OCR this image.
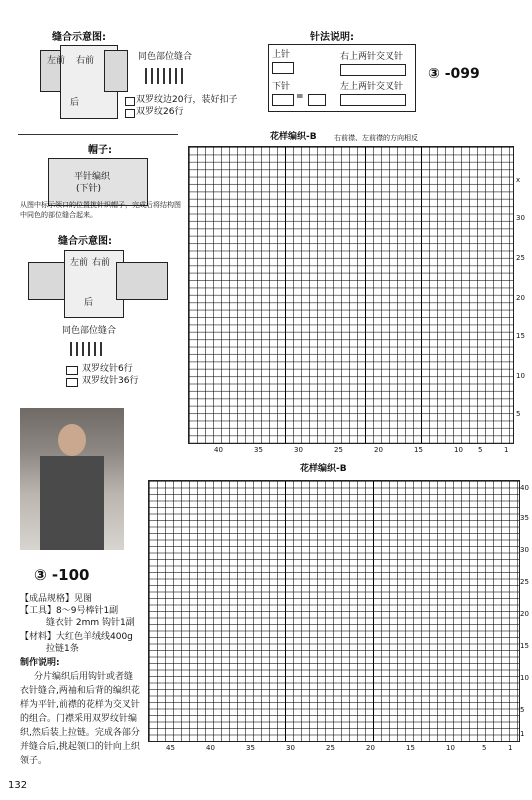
缝合示意图:
左前 右前
后
同色部位缝合
双罗纹边20行，装好扣子
双罗纹26行
针法说明:
上针
下针
=
右上两针交叉针
左上两针交叉针
③ -099
帽子:
平针编织
(下针)
从图中标示领口的位置挑针织帽子，完成后将结构图中同色的部位缝合起来。
缝合示意图:
左前 右前
后
同色部位缝合
双罗纹针6行
双罗纹针36行
③ -100
【成品规格】见图
【工具】8～9号棒针1副
缝衣针 2mm 钩针1副
【材料】大红色羊绒线400g
拉链1条
制作说明:
分片编织后用钩针或者缝
衣针缝合,两袖和后背的编织花
样为平针,前襟的花样为交叉针
的组合。门襟采用双罗纹针编
织,然后装上拉链。完成各部分
并缝合后,挑起领口的针向上织
领子。
132
花样编织-B 右前襟、左前襟的方向相反
40	35	30	25	20	15	10 5	1
x
30
25
20
15
10
5
花样编织-B
45	40	35	30	25	20	15	10	5	1
40
35
30
25
20
15
10
5
1
